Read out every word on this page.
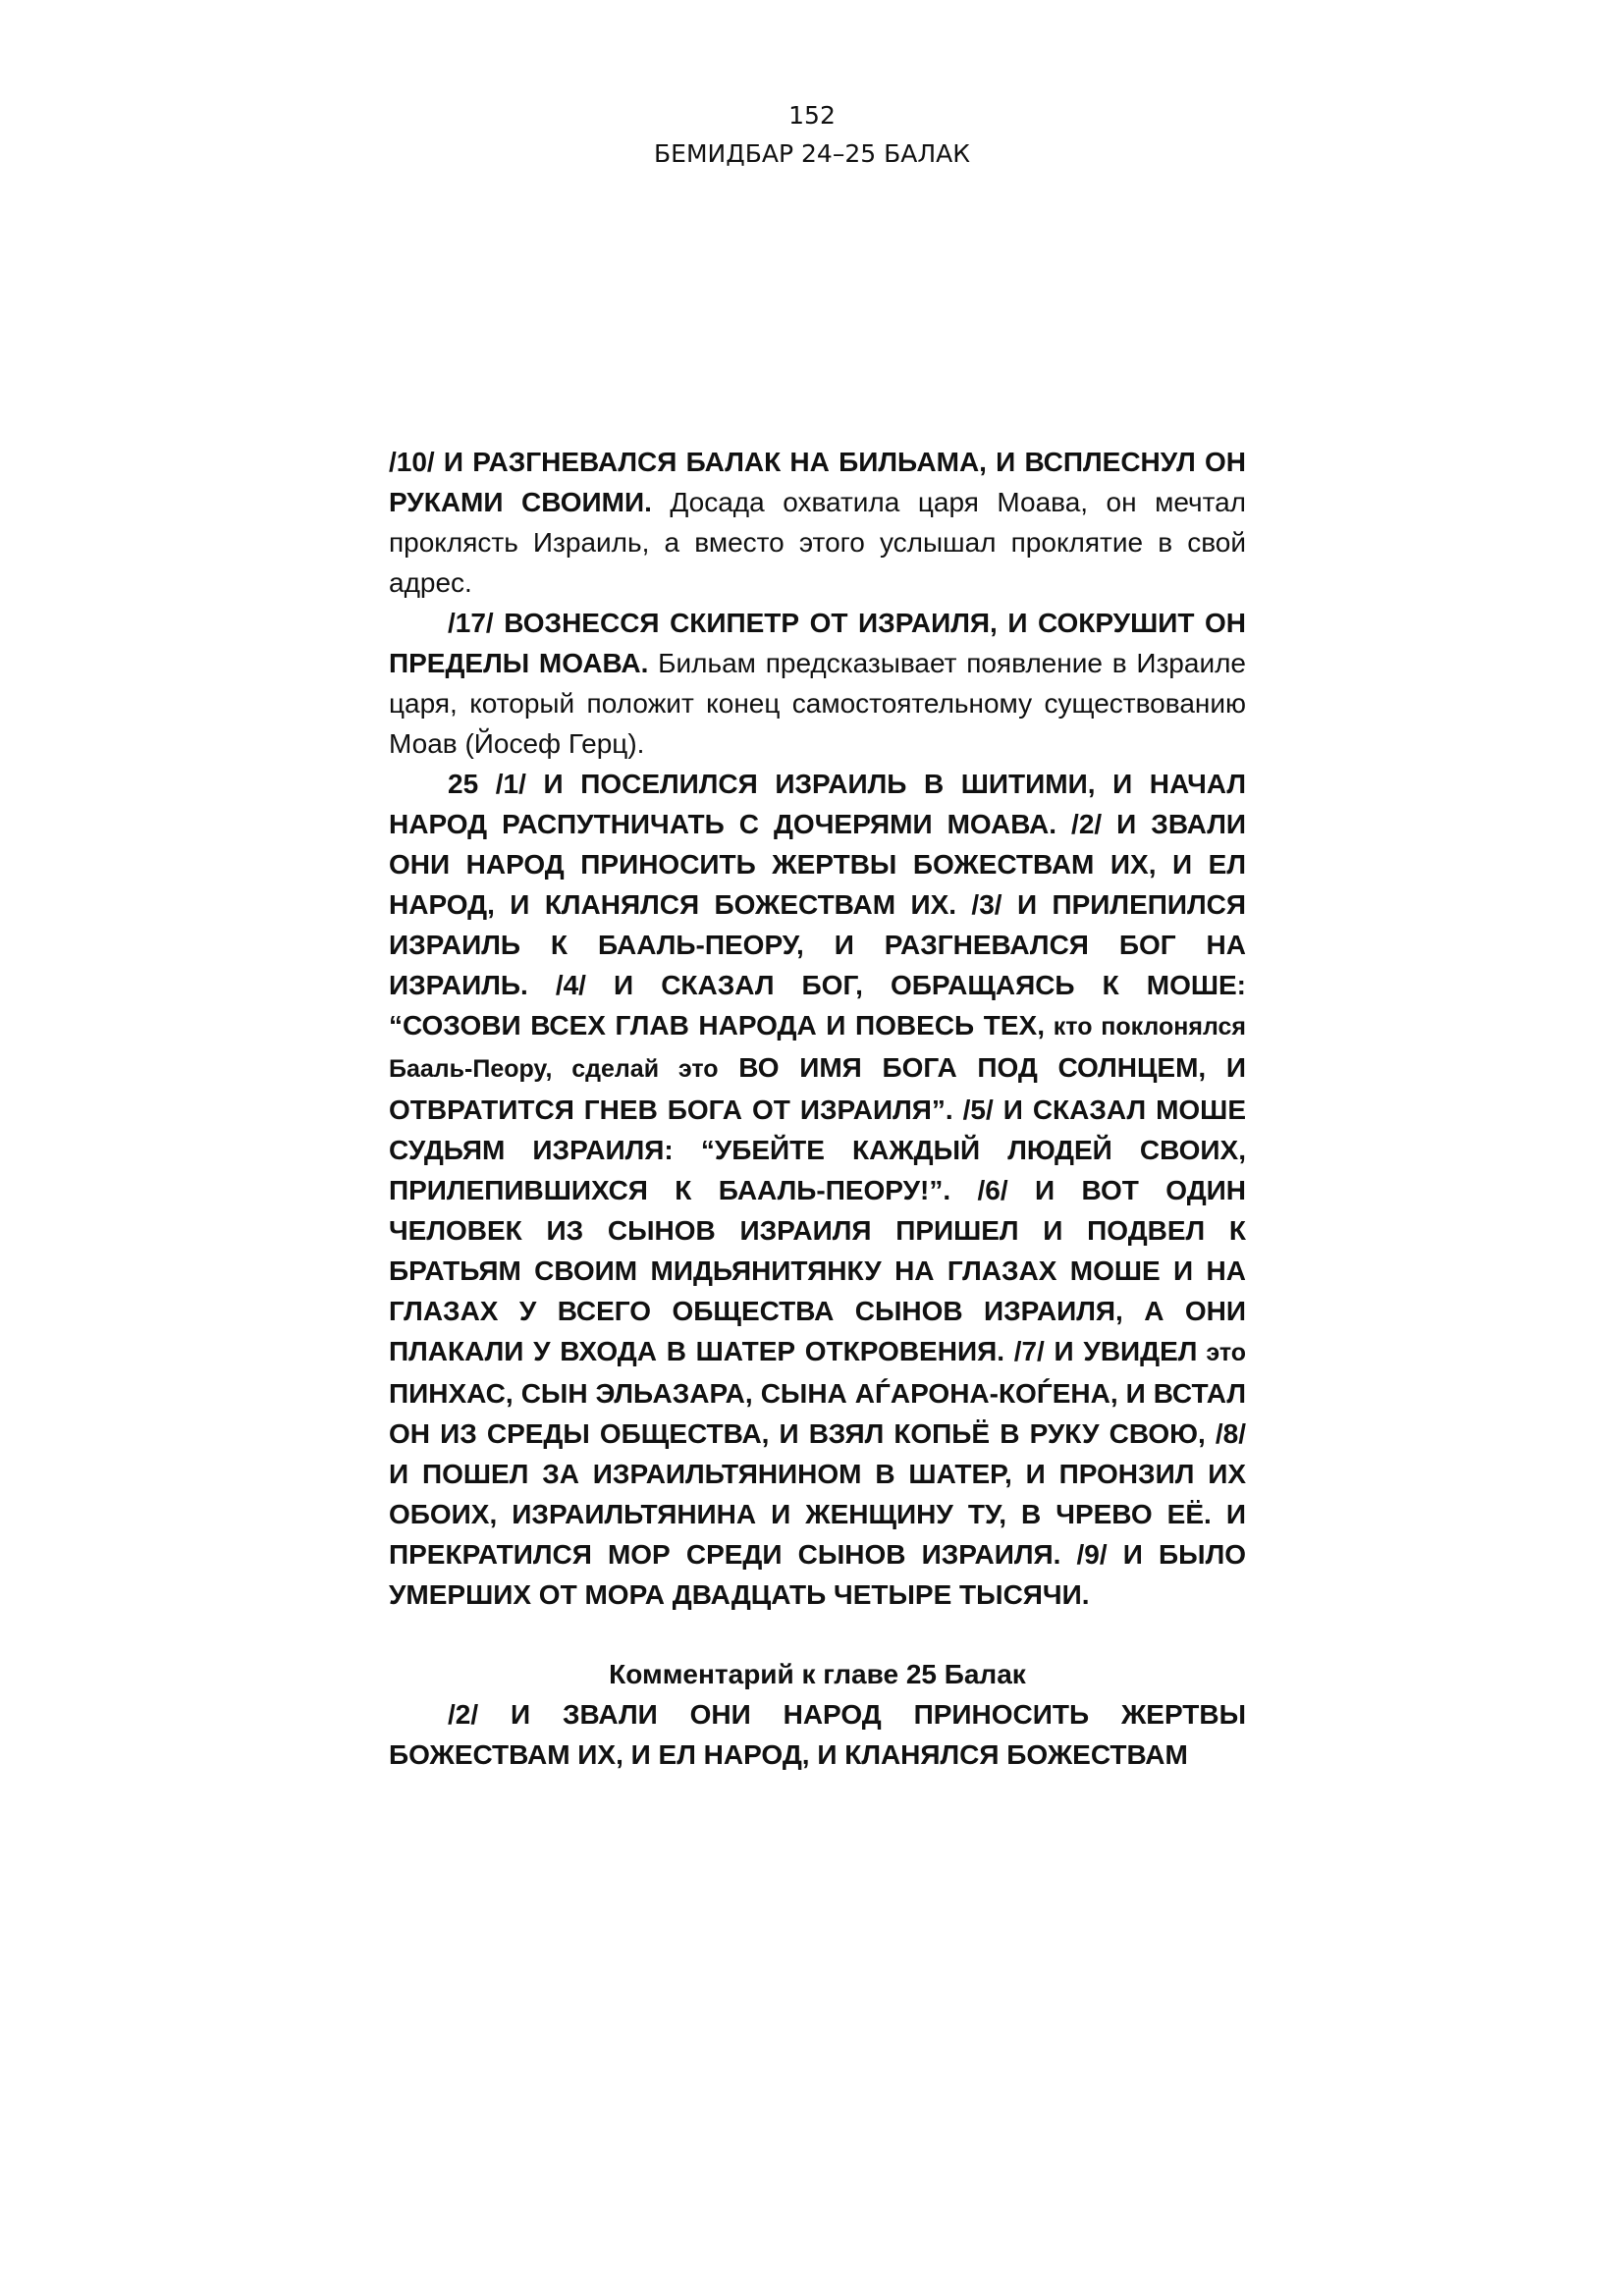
152
БЕМИДБАР 24–25 БАЛАК

/10/ И РАЗГНЕВАЛСЯ БАЛАК НА БИЛЬАМА, И ВСПЛЕСНУЛ ОН РУКАМИ СВОИМИ. Досада охватила царя Моава, он мечтал проклясть Израиль, а вместо этого услышал проклятие в свой адрес.

/17/ ВОЗНЕССЯ СКИПЕТР ОТ ИЗРАИЛЯ, И СОКРУШИТ ОН ПРЕДЕЛЫ МОАВА. Бильам предсказывает появление в Израиле царя, который положит конец самостоятельному существованию Моав (Йосеф Герц).

25 /1/ И ПОСЕЛИЛСЯ ИЗРАИЛЬ В ШИТИМИ, И НАЧАЛ НАРОД РАСПУТНИЧАТЬ С ДОЧЕРЯМИ МОАВА. /2/ И ЗВАЛИ ОНИ НАРОД ПРИНОСИТЬ ЖЕРТВЫ БОЖЕСТВАМ ИХ, И ЕЛ НАРОД, И КЛАНЯЛСЯ БОЖЕСТВАМ ИХ. /3/ И ПРИЛЕПИЛСЯ ИЗРАИЛЬ К БААЛЬ-ПЕОРУ, И РАЗГНЕВАЛСЯ БОГ НА ИЗРАИЛЬ. /4/ И СКАЗАЛ БОГ, ОБРАЩАЯСЬ К МОШЕ: “СОЗОВИ ВСЕХ ГЛАВ НАРОДА И ПОВЕСЬ ТЕХ, кто поклонялся Бааль-Пеору, сделай это ВО ИМЯ БОГА ПОД СОЛНЦЕМ, И ОТВРАТИТСЯ ГНЕВ БОГА ОТ ИЗРАИЛЯ”. /5/ И СКАЗАЛ МОШЕ СУДЬЯМ ИЗРАИЛЯ: “УБЕЙТЕ КАЖДЫЙ ЛЮДЕЙ СВОИХ, ПРИЛЕПИВШИХСЯ К БААЛЬ-ПЕОРУ!”. /6/ И ВОТ ОДИН ЧЕЛОВЕК ИЗ СЫНОВ ИЗРАИЛЯ ПРИШЕЛ И ПОДВЕЛ К БРАТЬЯМ СВОИМ МИДЬЯНИТЯНКУ НА ГЛАЗАХ МОШЕ И НА ГЛАЗАХ У ВСЕГО ОБЩЕСТВА СЫНОВ ИЗРАИЛЯ, А ОНИ ПЛАКАЛИ У ВХОДА В ШАТЕР ОТКРОВЕНИЯ. /7/ И УВИДЕЛ это ПИНХАС, СЫН ЭЛЬАЗАРА, СЫНА АЃАРОНА-КОЃЕНА, И ВСТАЛ ОН ИЗ СРЕДЫ ОБЩЕСТВА, И ВЗЯЛ КОПЬЁ В РУКУ СВОЮ, /8/ И ПОШЕЛ ЗА ИЗРАИЛЬТЯНИНОМ В ШАТЕР, И ПРОНЗИЛ ИХ ОБОИХ, ИЗРАИЛЬТЯНИНА И ЖЕНЩИНУ ТУ, В ЧРЕВО ЕЁ. И ПРЕКРАТИЛСЯ МОР СРЕДИ СЫНОВ ИЗРАИЛЯ. /9/ И БЫЛО УМЕРШИХ ОТ МОРА ДВАДЦАТЬ ЧЕТЫРЕ ТЫСЯЧИ.

Комментарий к главе 25 Балак

/2/ И ЗВАЛИ ОНИ НАРОД ПРИНОСИТЬ ЖЕРТВЫ БОЖЕСТВАМ ИХ, И ЕЛ НАРОД, И КЛАНЯЛСЯ БОЖЕСТВАМ
